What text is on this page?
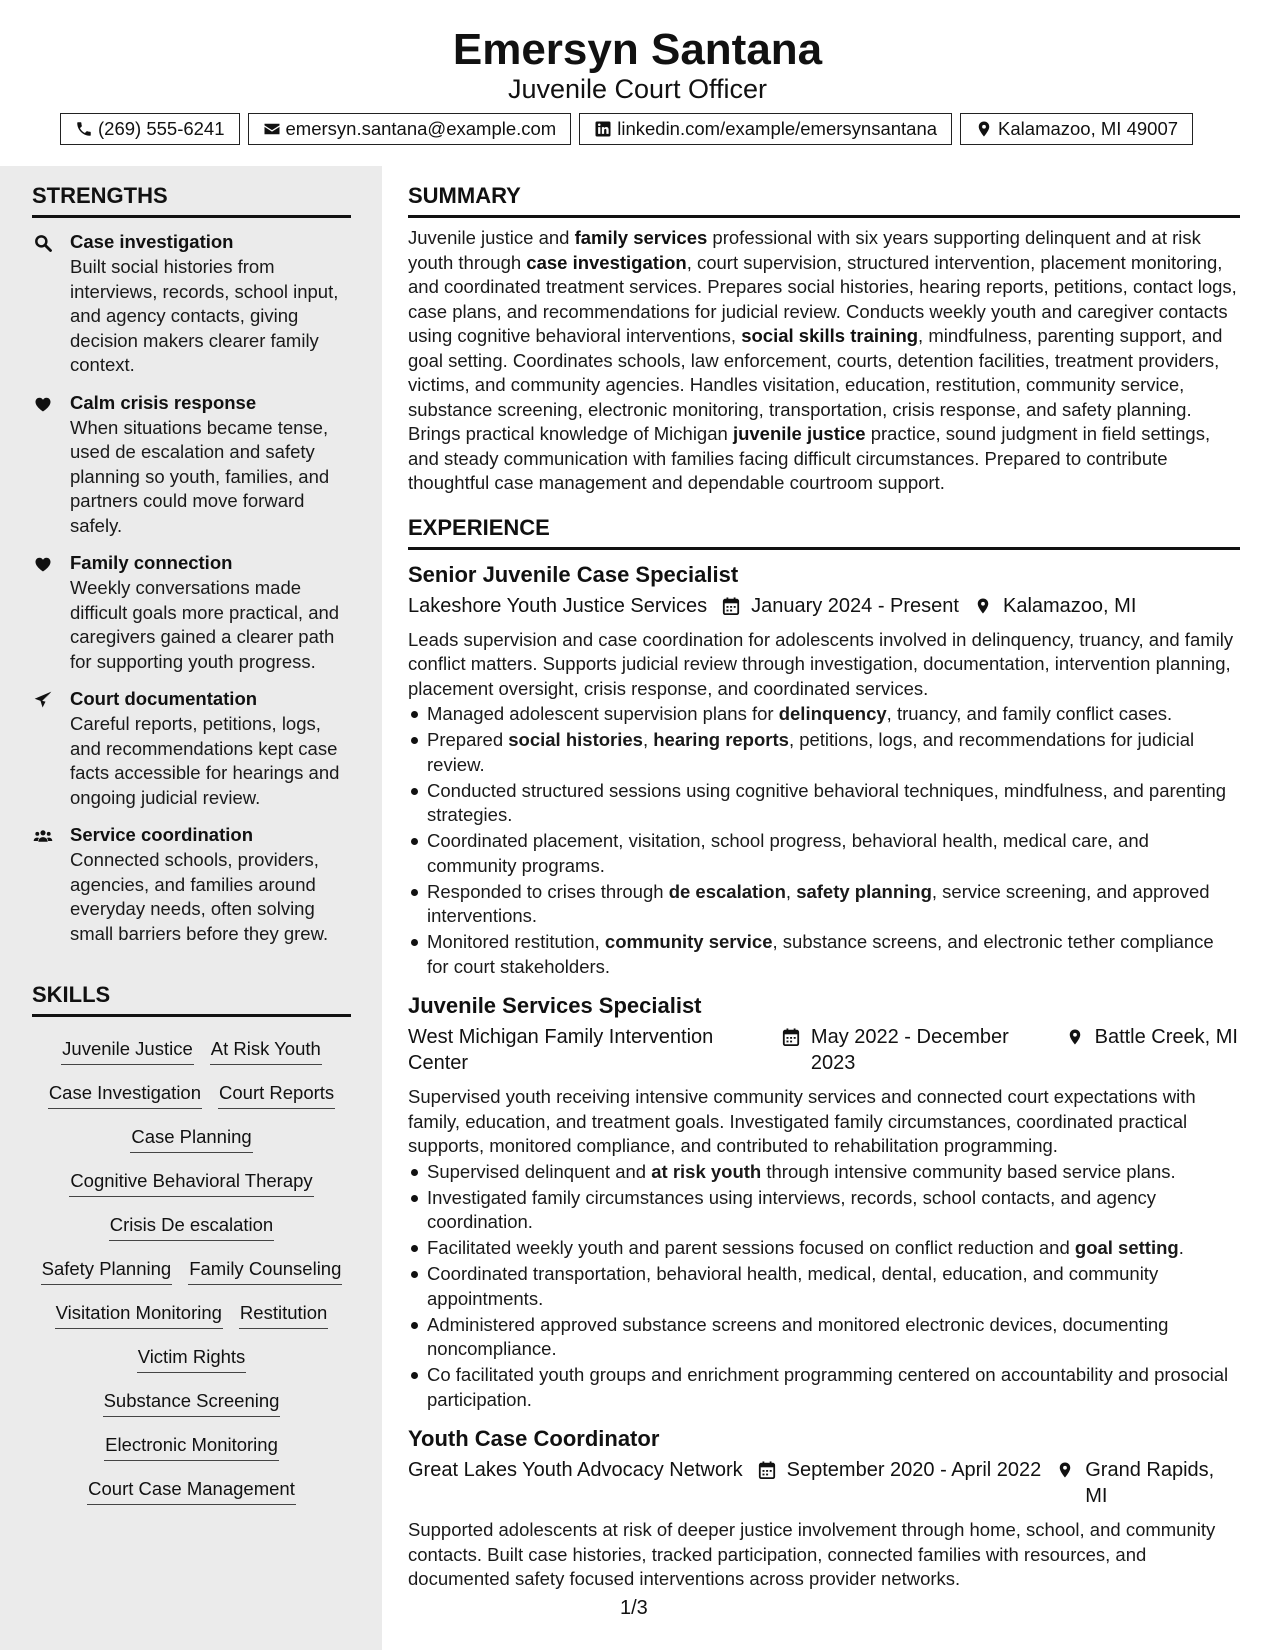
Emersyn Santana
Juvenile Court Officer
(269) 555-6241	emersyn.santana@example.com	linkedin.com/example/emersynsantana	Kalamazoo, MI 49007
STRENGTHS
Case investigation
Built social histories from interviews, records, school input, and agency contacts, giving decision makers clearer family context.
Calm crisis response
When situations became tense, used de escalation and safety planning so youth, families, and partners could move forward safely.
Family connection
Weekly conversations made difficult goals more practical, and caregivers gained a clearer path for supporting youth progress.
Court documentation
Careful reports, petitions, logs, and recommendations kept case facts accessible for hearings and ongoing judicial review.
Service coordination
Connected schools, providers, agencies, and families around everyday needs, often solving small barriers before they grew.
SKILLS
Juvenile Justice At Risk Youth
Case Investigation Court Reports
Case Planning
Cognitive Behavioral Therapy
Crisis De escalation
Safety Planning Family Counseling
Visitation Monitoring Restitution
Victim Rights
Substance Screening
Electronic Monitoring
Court Case Management
SUMMARY

Juvenile justice and family services professional with six years supporting delinquent and at risk youth through case investigation, court supervision, structured intervention, placement monitoring, and coordinated treatment services. Prepares social histories, hearing reports, petitions, contact logs, case plans, and recommendations for judicial review. Conducts weekly youth and caregiver contacts using cognitive behavioral interventions, social skills training, mindfulness, parenting support, and goal setting. Coordinates schools, law enforcement, courts, detention facilities, treatment providers, victims, and community agencies. Handles visitation, education, restitution, community service, substance screening, electronic monitoring, transportation, crisis response, and safety planning. Brings practical knowledge of Michigan juvenile justice practice, sound judgment in field settings, and steady communication with families facing difficult circumstances. Prepared to contribute thoughtful case management and dependable courtroom support.

EXPERIENCE
Senior Juvenile Case Specialist
Lakeshore Youth Justice Services January 2024 - Present Kalamazoo, MI

Leads supervision and case coordination for adolescents involved in delinquency, truancy, and family conflict matters. Supports judicial review through investigation, documentation, intervention planning, placement oversight, crisis response, and coordinated services.

Managed adolescent supervision plans for delinquency, truancy, and family conflict cases.
Prepared social histories, hearing reports, petitions, logs, and recommendations for judicial review.
Conducted structured sessions using cognitive behavioral techniques, mindfulness, and parenting strategies.
Coordinated placement, visitation, school progress, behavioral health, medical care, and community programs.
Responded to crises through de escalation, safety planning, service screening, and approved interventions.
Monitored restitution, community service, substance screens, and electronic tether compliance for court stakeholders.
Juvenile Services Specialist
West Michigan Family Intervention Center
May 2022 - December 2023
Battle Creek, MI

Supervised youth receiving intensive community services and connected court expectations with family, education, and treatment goals. Investigated family circumstances, coordinated practical supports, monitored compliance, and contributed to rehabilitation programming.

Supervised delinquent and at risk youth through intensive community based service plans.
Investigated family circumstances using interviews, records, school contacts, and agency coordination.
Facilitated weekly youth and parent sessions focused on conflict reduction and goal setting.
Coordinated transportation, behavioral health, medical, dental, education, and community appointments.
Administered approved substance screens and monitored electronic devices, documenting noncompliance.
Co facilitated youth groups and enrichment programming centered on accountability and prosocial participation.
Youth Case Coordinator
Great Lakes Youth Advocacy Network September 2020 - April 2022 Grand Rapids, MI

Supported adolescents at risk of deeper justice involvement through home, school, and community contacts. Built case histories, tracked participation, connected families with resources, and documented safety focused interventions across provider networks.

1/3
